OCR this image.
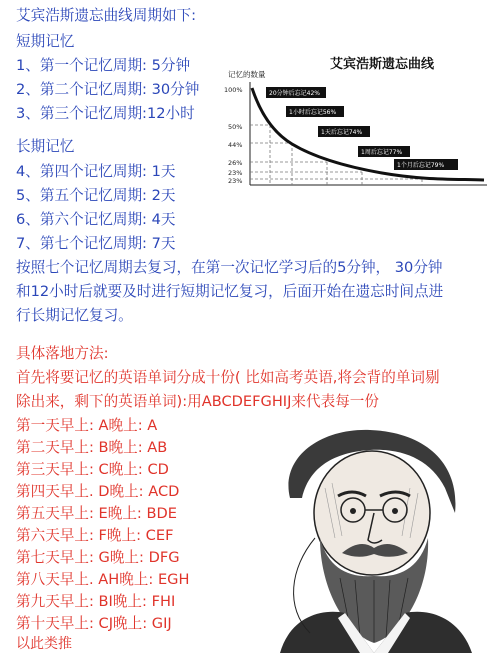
艾宾浩斯遗忘曲线周期如下:
短期记忆
1、第一个记忆周期: 5分钟
2、第二个记忆周期: 30分钟
3、第三个记忆周期:12小时
长期记忆
4、第四个记忆周期: 1天
5、第五个记忆周期: 2天
6、第六个记忆周期: 4天
7、第七个记忆周期: 7天
按照七个记忆周期去复习，在第一次记忆学习后的5分钟， 30分钟
和12小时后就要及时进行短期记忆复习，后面开始在遗忘时间点进
行长期记忆复习。
具体落地方法:
首先将要记忆的英语单词分成十份( 比如高考英语,将会背的单词剔
除出来，剩下的英语单词):用ABCDEFGHIJ来代表每一份
第一天早上: A晚上: A
第二天早上: B晚上: AB
第三天早上: C晚上: CD
第四天早上. D晚上: ACD
第五天早上: E晚上: BDE
第六天早上: F晚上: CEF
第七天早上: G晚上: DFG
第八天早上. AH晚上: EGH
第九天早上: BI晚上: FHI
第十天早上: CJ晚上: GIJ
艾宾浩斯遗忘曲线
记忆的数量
100%
50%
44%
26%
23%
23%
20分钟后忘记42%
1小时后忘记56%
1天后忘记74%
1周后忘记77%
1个月后忘记79%
以此类推
